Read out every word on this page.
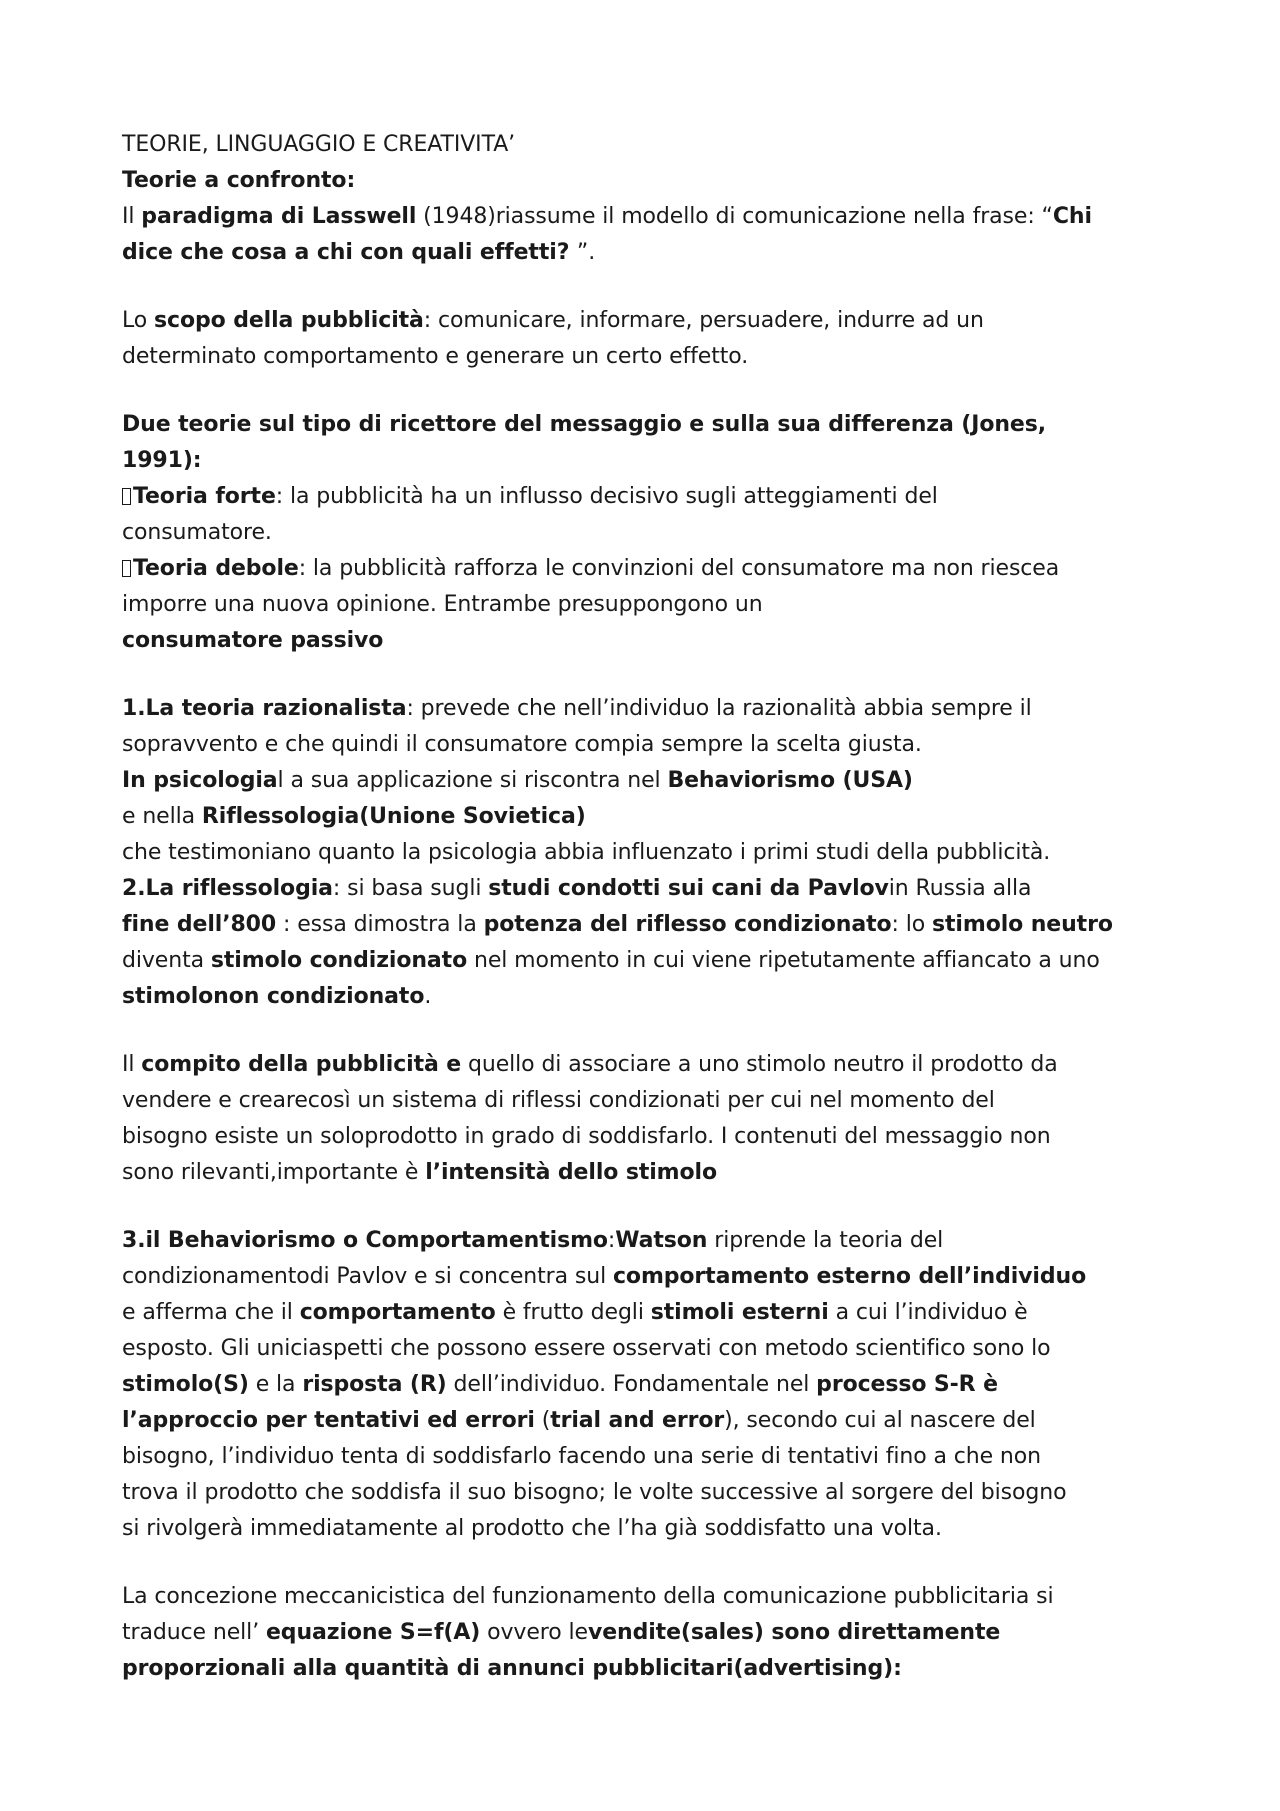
TEORIE, LINGUAGGIO E CREATIVITA’
Teorie a confronto:
Il paradigma di Lasswell (1948)riassume il modello di comunicazione nella frase: “Chi
dice che cosa a chi con quali effetti? ”.
Lo scopo della pubblicità: comunicare, informare, persuadere, indurre ad un
determinato comportamento e generare un certo effetto.
Due teorie sul tipo di ricettore del messaggio e sulla sua differenza (Jones,
1991):
Teoria forte: la pubblicità ha un influsso decisivo sugli atteggiamenti del
consumatore.
Teoria debole: la pubblicità rafforza le convinzioni del consumatore ma non riescea
imporre una nuova opinione. Entrambe presuppongono un
consumatore passivo
1.La teoria razionalista: prevede che nell’individuo la razionalità abbia sempre il
sopravvento e che quindi il consumatore compia sempre la scelta giusta.
In psicologial a sua applicazione si riscontra nel Behaviorismo (USA)
e nella Riflessologia(Unione Sovietica)
che testimoniano quanto la psicologia abbia influenzato i primi studi della pubblicità.
2.La riflessologia: si basa sugli studi condotti sui cani da Pavlovin Russia alla
fine dell’800 : essa dimostra la potenza del riflesso condizionato: lo stimolo neutro
diventa stimolo condizionato nel momento in cui viene ripetutamente affiancato a uno
stimolonon condizionato.
Il compito della pubblicità e quello di associare a uno stimolo neutro il prodotto da
vendere e crearecosì un sistema di riflessi condizionati per cui nel momento del
bisogno esiste un soloprodotto in grado di soddisfarlo. I contenuti del messaggio non
sono rilevanti,importante è l’intensità dello stimolo
3.il Behaviorismo o Comportamentismo:Watson riprende la teoria del
condizionamentodi Pavlov e si concentra sul comportamento esterno dell’individuo
e afferma che il comportamento è frutto degli stimoli esterni a cui l’individuo è
esposto. Gli uniciaspetti che possono essere osservati con metodo scientifico sono lo
stimolo(S) e la risposta (R) dell’individuo. Fondamentale nel processo S-R è
l’approccio per tentativi ed errori (trial and error), secondo cui al nascere del
bisogno, l’individuo tenta di soddisfarlo facendo una serie di tentativi fino a che non
trova il prodotto che soddisfa il suo bisogno; le volte successive al sorgere del bisogno
si rivolgerà immediatamente al prodotto che l’ha già soddisfatto una volta.
La concezione meccanicistica del funzionamento della comunicazione pubblicitaria si
traduce nell’ equazione S=f(A) ovvero levendite(sales) sono direttamente
proporzionali alla quantità di annunci pubblicitari(advertising):
